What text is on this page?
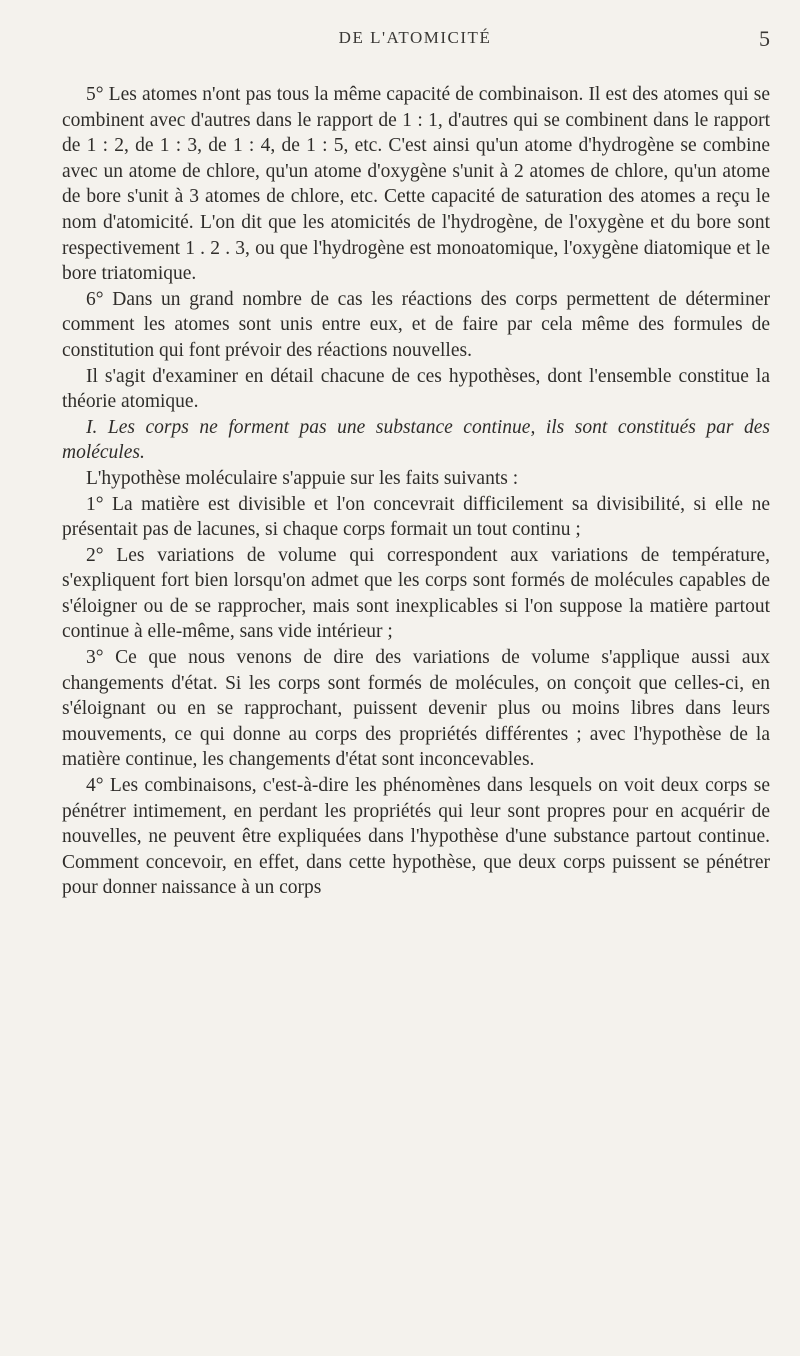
DE L'ATOMICITÉ	5

5° Les atomes n'ont pas tous la même capacité de combinaison. Il est des atomes qui se combinent avec d'autres dans le rapport de 1 : 1, d'autres qui se combinent dans le rapport de 1 : 2, de 1 : 3, de 1 : 4, de 1 : 5, etc. C'est ainsi qu'un atome d'hydrogène se combine avec un atome de chlore, qu'un atome d'oxygène s'unit à 2 atomes de chlore, qu'un atome de bore s'unit à 3 atomes de chlore, etc. Cette capacité de saturation des atomes a reçu le nom d'atomicité. L'on dit que les atomicités de l'hydrogène, de l'oxygène et du bore sont respectivement 1 . 2 . 3, ou que l'hydrogène est monoatomique, l'oxygène diatomique et le bore triatomique.

6° Dans un grand nombre de cas les réactions des corps permettent de déterminer comment les atomes sont unis entre eux, et de faire par cela même des formules de constitution qui font prévoir des réactions nouvelles.

Il s'agit d'examiner en détail chacune de ces hypothèses, dont l'ensemble constitue la théorie atomique.

I. Les corps ne forment pas une substance continue, ils sont constitués par des molécules.

L'hypothèse moléculaire s'appuie sur les faits suivants :

1° La matière est divisible et l'on concevrait difficilement sa divisibilité, si elle ne présentait pas de lacunes, si chaque corps formait un tout continu ;

2° Les variations de volume qui correspondent aux variations de température, s'expliquent fort bien lorsqu'on admet que les corps sont formés de molécules capables de s'éloigner ou de se rapprocher, mais sont inexplicables si l'on suppose la matière partout continue à elle-même, sans vide intérieur ;

3° Ce que nous venons de dire des variations de volume s'applique aussi aux changements d'état. Si les corps sont formés de molécules, on conçoit que celles-ci, en s'éloignant ou en se rapprochant, puissent devenir plus ou moins libres dans leurs mouvements, ce qui donne au corps des propriétés différentes ; avec l'hypothèse de la matière continue, les changements d'état sont inconcevables.

4° Les combinaisons, c'est-à-dire les phénomènes dans lesquels on voit deux corps se pénétrer intimement, en perdant les propriétés qui leur sont propres pour en acquérir de nouvelles, ne peuvent être expliquées dans l'hypothèse d'une substance partout continue. Comment concevoir, en effet, dans cette hypothèse, que deux corps puissent se pénétrer pour donner naissance à un corps
